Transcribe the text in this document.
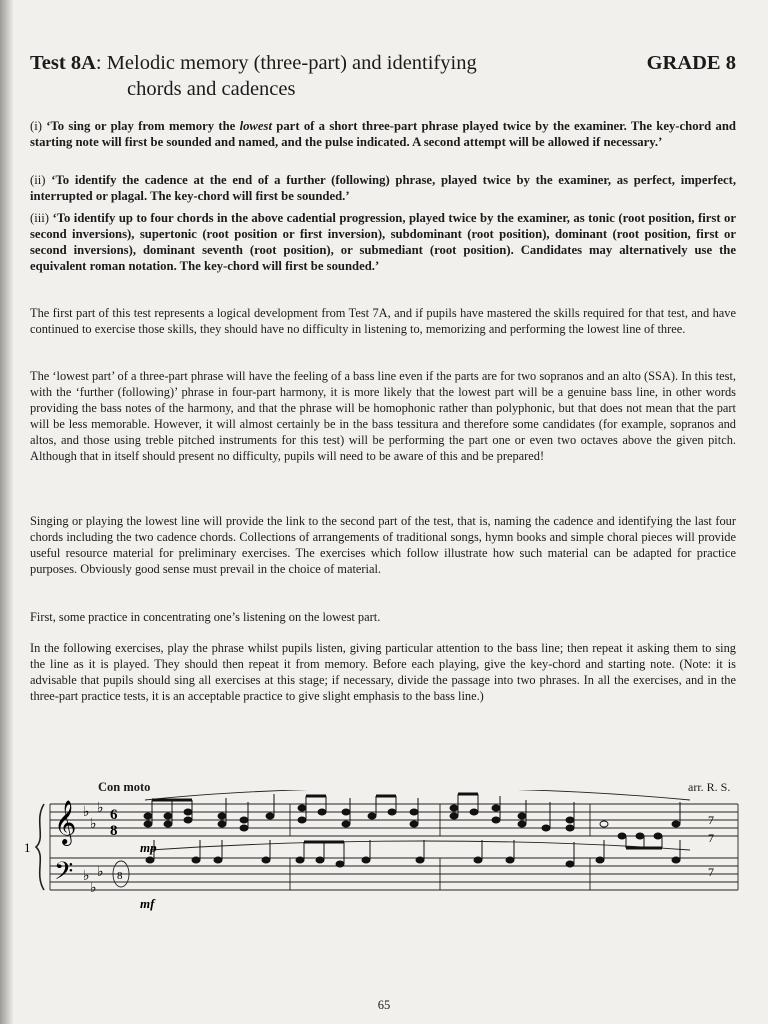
Test 8A: Melodic memory (three-part) and identifying
chords and cadences
GRADE 8
(i) ‘To sing or play from memory the lowest part of a short three-part phrase played twice by the examiner. The key-chord and starting note will first be sounded and named, and the pulse indicated. A second attempt will be allowed if necessary.’
(ii) ‘To identify the cadence at the end of a further (following) phrase, played twice by the examiner, as perfect, imperfect, interrupted or plagal. The key-chord will first be sounded.’
(iii) ‘To identify up to four chords in the above cadential progression, played twice by the examiner, as tonic (root position, first or second inversions), supertonic (root position or first inversion), subdominant (root position), dominant (root position, first or second inversions), dominant seventh (root position), or submediant (root position). Candidates may alternatively use the equivalent roman notation. The key-chord will first be sounded.’
The first part of this test represents a logical development from Test 7A, and if pupils have mastered the skills required for that test, and have continued to exercise those skills, they should have no difficulty in listening to, memorizing and performing the lowest line of three.
The ‘lowest part’ of a three-part phrase will have the feeling of a bass line even if the parts are for two sopranos and an alto (SSA). In this test, with the ‘further (following)’ phrase in four-part harmony, it is more likely that the lowest part will be a genuine bass line, in other words providing the bass notes of the harmony, and that the phrase will be homophonic rather than polyphonic, but that does not mean that the part will be less memorable. However, it will almost certainly be in the bass tessitura and therefore some candidates (for example, sopranos and altos, and those using treble pitched instruments for this test) will be performing the part one or even two octaves above the given pitch. Although that in itself should present no difficulty, pupils will need to be aware of this and be prepared!
Singing or playing the lowest line will provide the link to the second part of the test, that is, naming the cadence and identifying the last four chords including the two cadence chords. Collections of arrangements of traditional songs, hymn books and simple choral pieces will provide useful resource material for preliminary exercises. The exercises which follow illustrate how such material can be adapted for practice purposes. Obviously good sense must prevail in the choice of material.
First, some practice in concentrating one’s listening on the lowest part.
In the following exercises, play the phrase whilst pupils listen, giving particular attention to the bass line; then repeat it asking them to sing the line as it is played. They should then repeat it from memory. Before each playing, give the key-chord and starting note. (Note: it is advisable that pupils should sing all exercises at this stage; if necessary, divide the passage into two phrases. In all the exercises, and in the three-part practice tests, it is an acceptable practice to give slight emphasis to the bass line.)
Con moto	arr. R. S.
1
𝄞
𝄢
♭
♭
♭
♭
♭
♭
6
8
8
7
7
7
mp
mf
65
